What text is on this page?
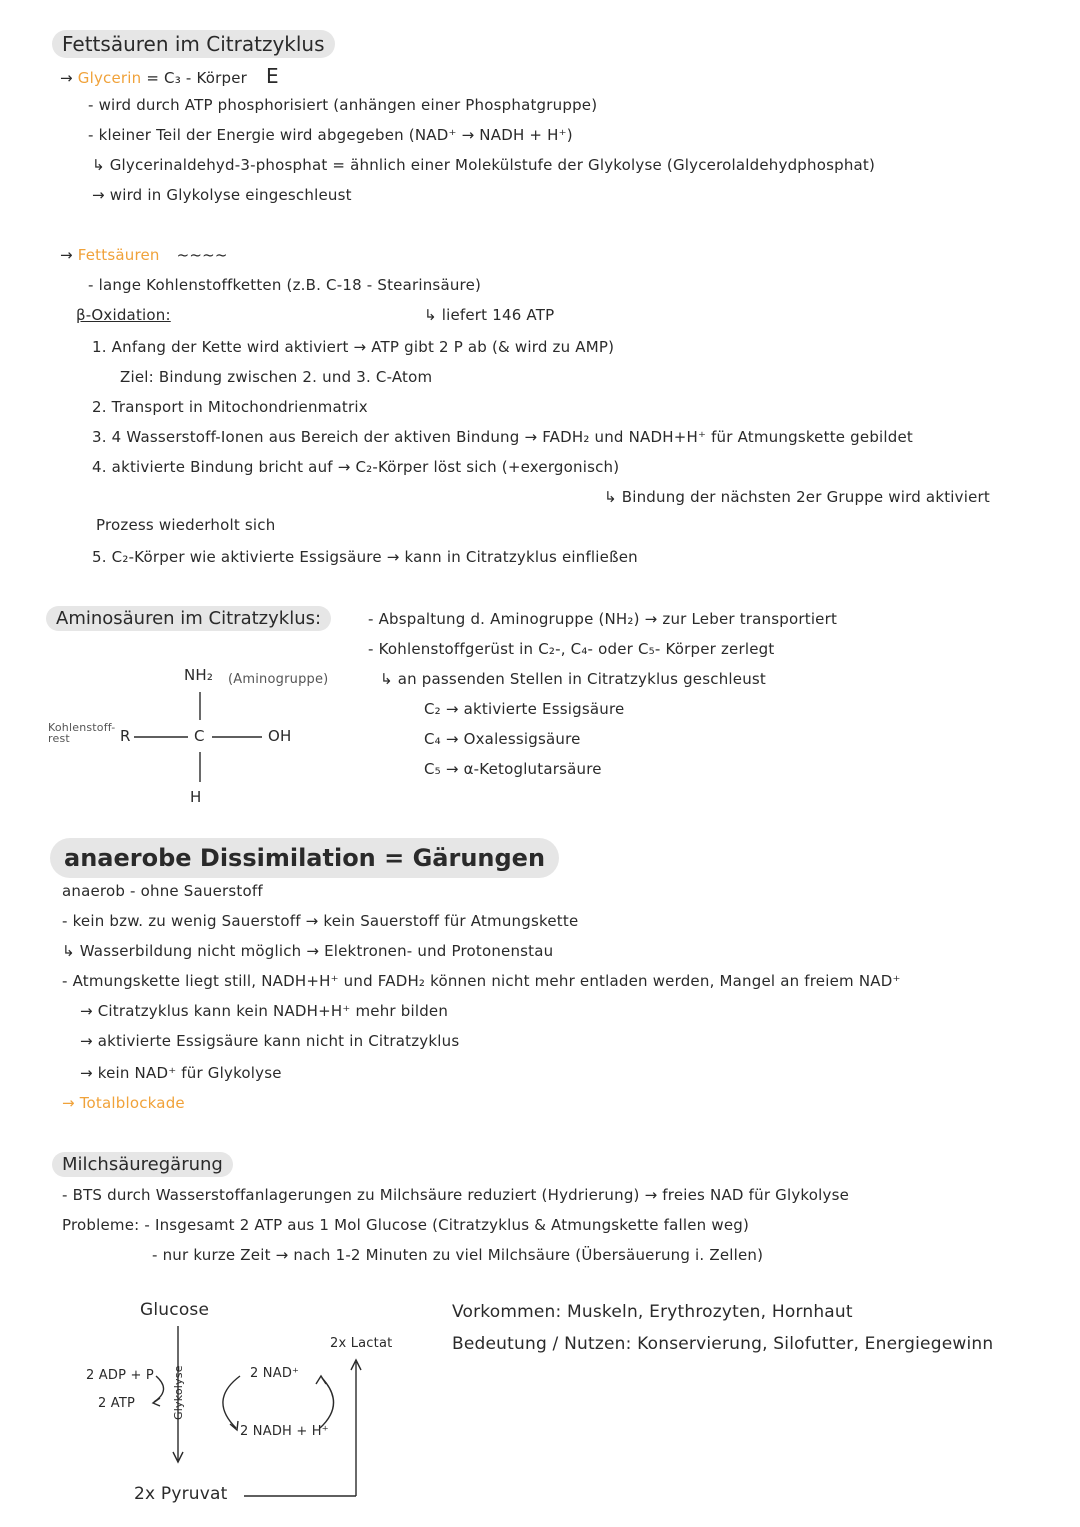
Fettsäuren im Citratzyklus
→ Glycerin = C₃ - Körper E
- wird durch ATP phosphorisiert (anhängen einer Phosphatgruppe)
- kleiner Teil der Energie wird abgegeben (NAD⁺ → NADH + H⁺)
↳ Glycerinaldehyd-3-phosphat = ähnlich einer Molekülstufe der Glykolyse (Glycerolaldehydphosphat)
→ wird in Glykolyse eingeschleust
→ Fettsäuren ~~~~
- lange Kohlenstoffketten (z.B. C-18 - Stearinsäure)
↳ liefert 146 ATP
β-Oxidation:
1. Anfang der Kette wird aktiviert → ATP gibt 2 P ab (& wird zu AMP)
Ziel: Bindung zwischen 2. und 3. C-Atom
2. Transport in Mitochondrienmatrix
3. 4 Wasserstoff-Ionen aus Bereich der aktiven Bindung → FADH₂ und NADH+H⁺ für Atmungskette gebildet
4. aktivierte Bindung bricht auf → C₂-Körper löst sich (+exergonisch)
↳ Bindung der nächsten 2er Gruppe wird aktiviert
Prozess wiederholt sich
5. C₂-Körper wie aktivierte Essigsäure → kann in Citratzyklus einfließen
Aminosäuren im Citratzyklus:	- Abspaltung d. Aminogruppe (NH₂) → zur Leber transportiert
- Kohlenstoffgerüst in C₂-, C₄- oder C₅- Körper zerlegt
↳ an passenden Stellen in Citratzyklus geschleust
C₂ → aktivierte Essigsäure
C₄ → Oxalessigsäure
C₅ → α-Ketoglutarsäure
NH₂ (Aminogruppe)
Kohlenstoff-
rest	R	C	OH
H
anaerobe Dissimilation = Gärungen
anaerob - ohne Sauerstoff
- kein bzw. zu wenig Sauerstoff → kein Sauerstoff für Atmungskette
↳ Wasserbildung nicht möglich → Elektronen- und Protonenstau
- Atmungskette liegt still, NADH+H⁺ und FADH₂ können nicht mehr entladen werden, Mangel an freiem NAD⁺
→ Citratzyklus kann kein NADH+H⁺ mehr bilden
→ aktivierte Essigsäure kann nicht in Citratzyklus
→ kein NAD⁺ für Glykolyse
→ Totalblockade
Milchsäuregärung
- BTS durch Wasserstoffanlagerungen zu Milchsäure reduziert (Hydrierung) → freies NAD für Glykolyse
Probleme: - Insgesamt 2 ATP aus 1 Mol Glucose (Citratzyklus & Atmungskette fallen weg)
- nur kurze Zeit → nach 1-2 Minuten zu viel Milchsäure (Übersäuerung i. Zellen)
Vorkommen: Muskeln, Erythrozyten, Hornhaut
Bedeutung / Nutzen: Konservierung, Silofutter, Energiegewinn
Glucose
2x Lactat
2 ADP + P
2 ATP	Glykolyse	2 NAD⁺
2 NADH + H⁺
2x Pyruvat
